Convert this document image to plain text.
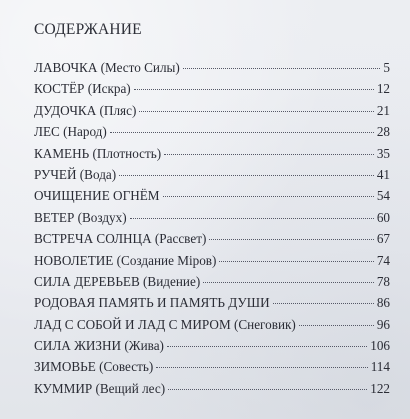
СОДЕРЖАНИЕ
ЛАВОЧКА (Место Силы)	5
КОСТЁР (Искра)	12
ДУДОЧКА (Пляс)	21
ЛЕС (Народ)	28
КАМЕНЬ (Плотность)	35
РУЧЕЙ (Вода)	41
ОЧИЩЕНИЕ ОГНЁМ	54
ВЕТЕР (Воздух)	60
ВСТРЕЧА СОЛНЦА (Рассвет)	67
НОВОЛЕТИЕ (Создание Міров)	74
СИЛА ДЕРЕВЬЕВ (Видение)	78
РОДОВАЯ ПАМЯТЬ И ПАМЯТЬ ДУШИ	86
ЛАД С СОБОЙ И ЛАД С МИРОМ (Снеговик)	96
СИЛА ЖИЗНИ (Жива)	106
ЗИМОВЬЕ (Совесть)	114
КУММИР (Вещий лес)	122
